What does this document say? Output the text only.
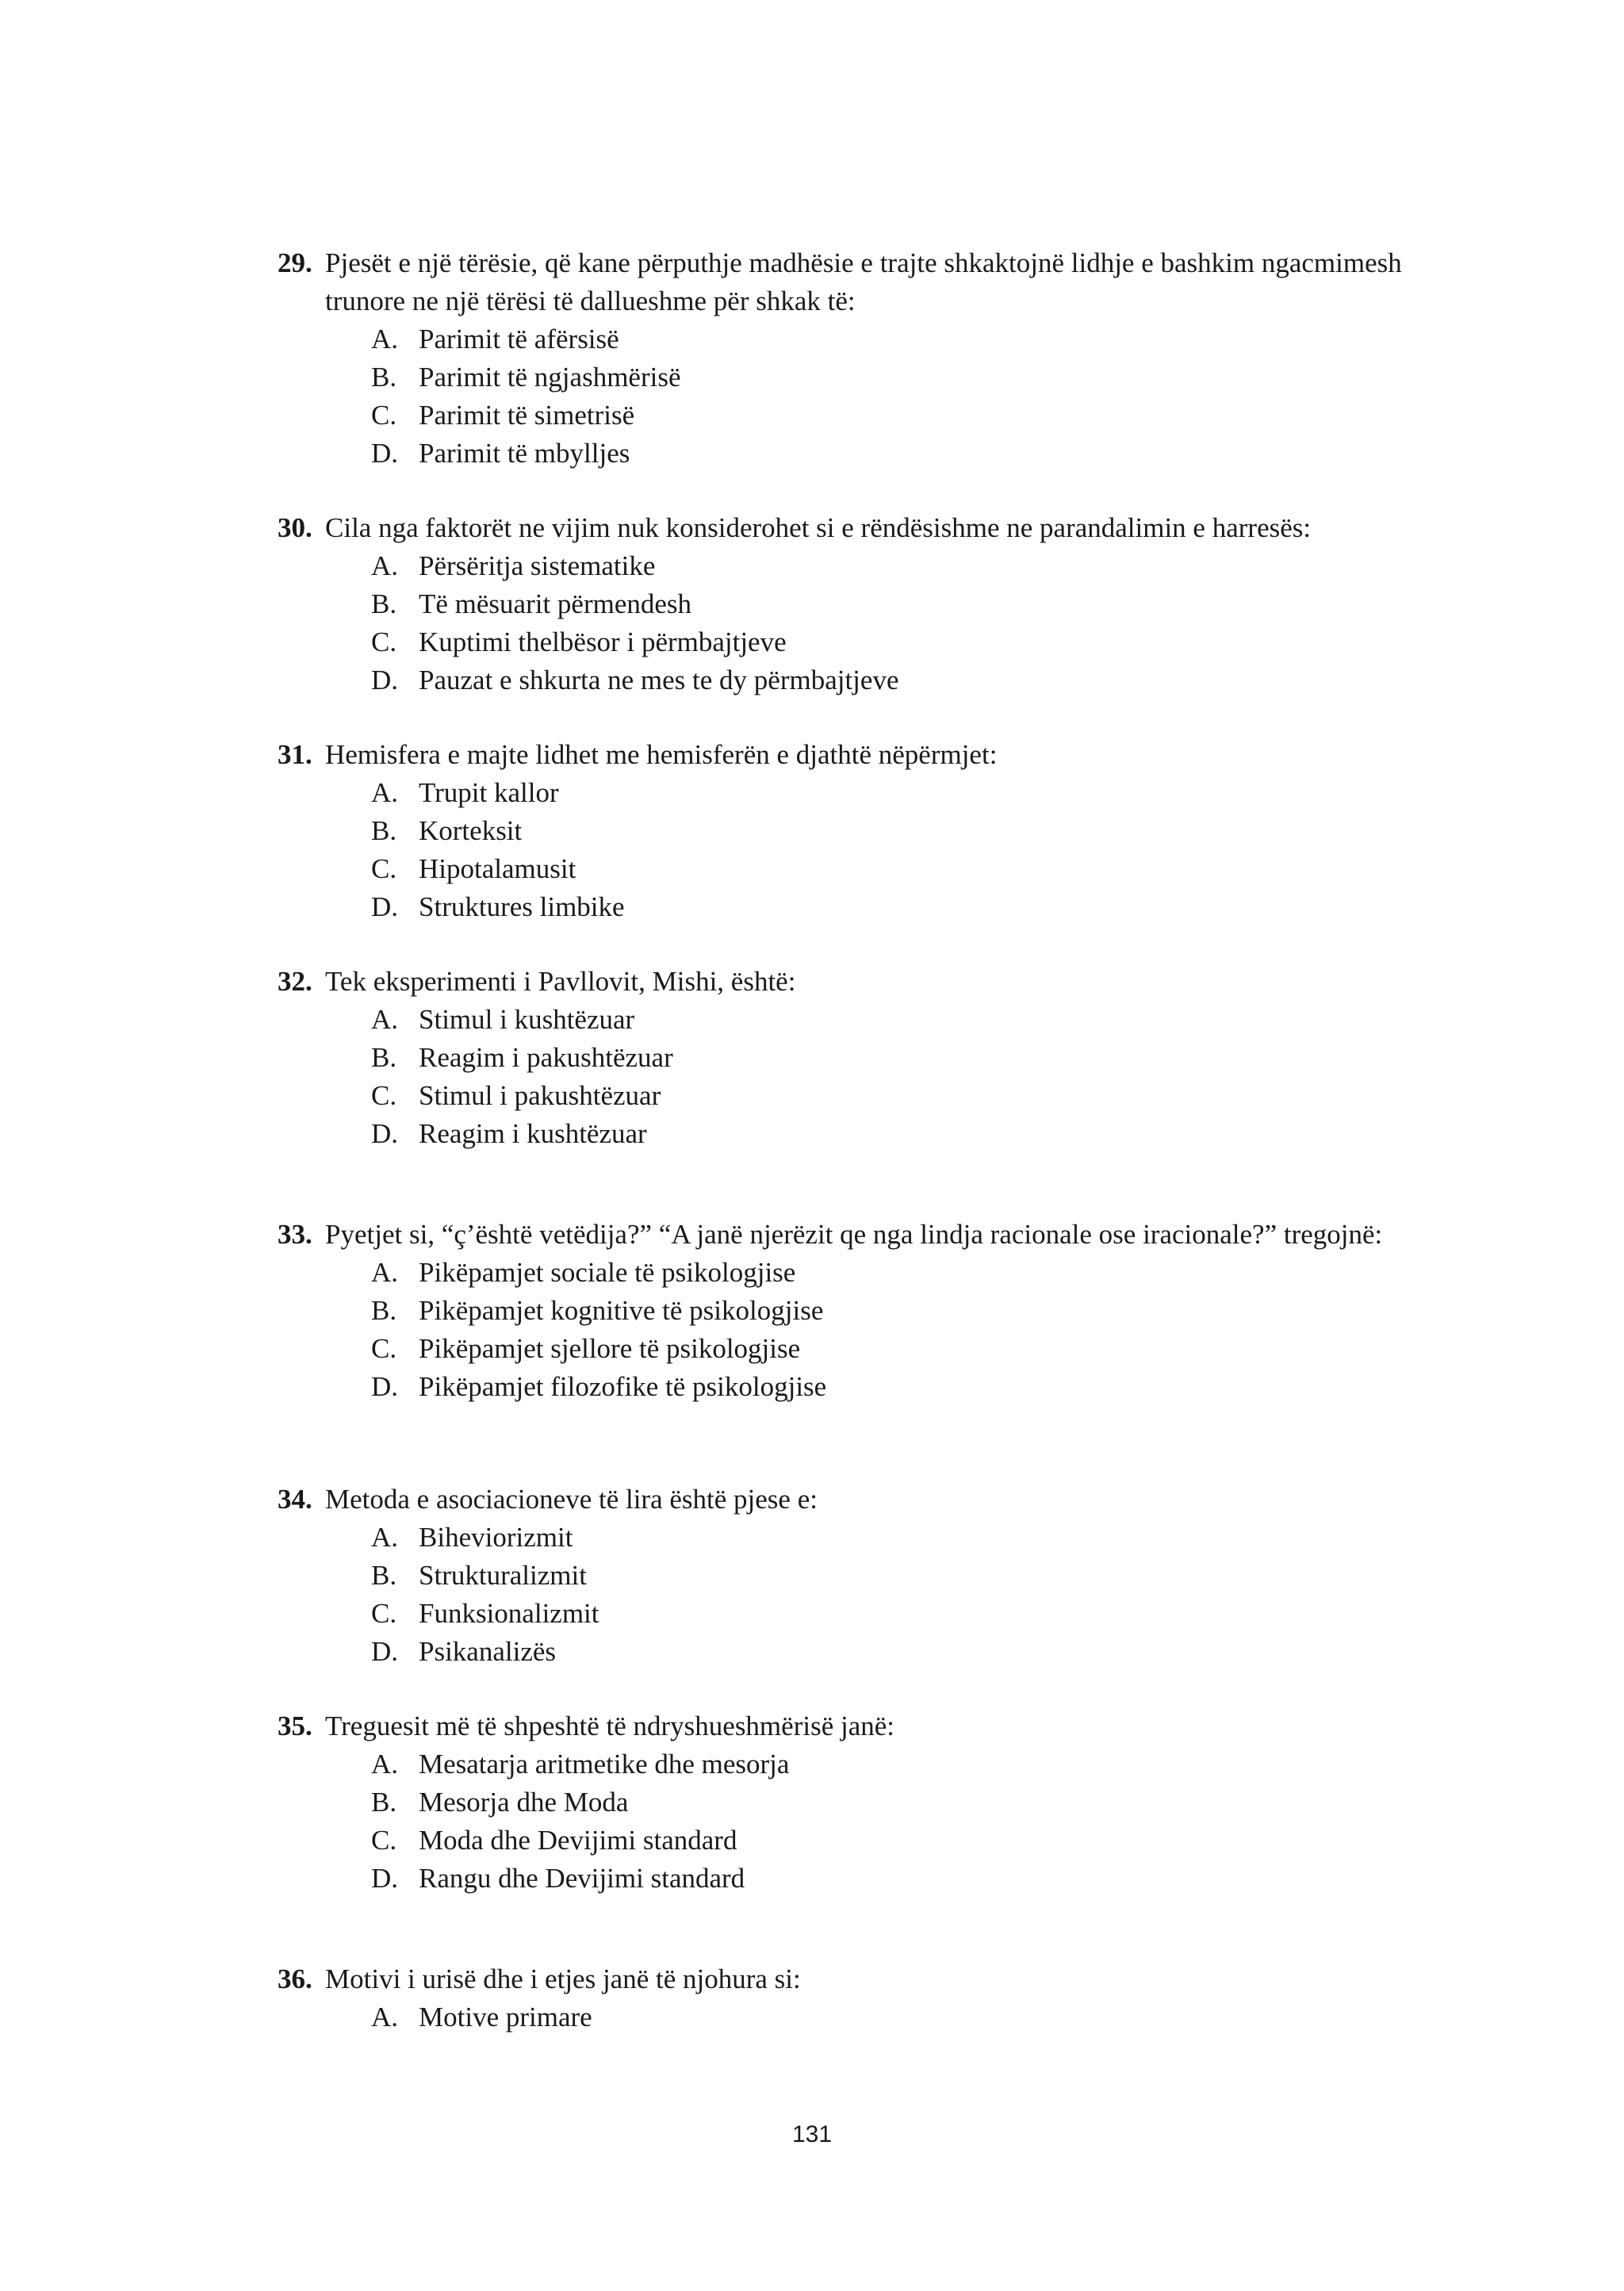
29. Pjesët e një tërësie, që kane përputhje madhësie e trajte shkaktojnë lidhje e bashkim ngacmimesh trunore ne një tërësi të dallueshme për shkak të:
A. Parimit të afërsisë
B. Parimit të ngjashmërisë
C. Parimit të simetrisë
D. Parimit të mbylljes
30. Cila nga faktorët ne vijim nuk konsiderohet si e rëndësishme ne parandalimin e harresës:
A. Përsëritja sistematike
B. Të mësuarit përmendesh
C. Kuptimi thelbësor i përmbajtjeve
D. Pauzat e shkurta ne mes te dy përmbajtjeve
31. Hemisfera e majte lidhet me hemisferën e djathtë nëpërmjet:
A. Trupit kallor
B. Korteksit
C. Hipotalamusit
D. Struktures limbike
32. Tek eksperimenti i Pavllovit, Mishi, është:
A. Stimul i kushtëzuar
B. Reagim i pakushtëzuar
C. Stimul i pakushtëzuar
D. Reagim i kushtëzuar
33. Pyetjet si, “ç’është vetëdija?” “A janë njerëzit qe nga lindja racionale ose iracionale?” tregojnë:
A. Pikëpamjet sociale të psikologjise
B. Pikëpamjet kognitive të psikologjise
C. Pikëpamjet sjellore të psikologjise
D. Pikëpamjet filozofike të psikologjise
34. Metoda e asociacioneve të lira është pjese e:
A. Biheviorizmit
B. Strukturalizmit
C. Funksionalizmit
D. Psikanalizës
35. Treguesit më të shpeshtë të ndryshueshmërisë janë:
A. Mesatarja aritmetike dhe mesorja
B. Mesorja dhe Moda
C. Moda dhe Devijimi standard
D. Rangu dhe Devijimi standard
36. Motivi i urisë dhe i etjes janë të njohura si:
A. Motive primare
131
